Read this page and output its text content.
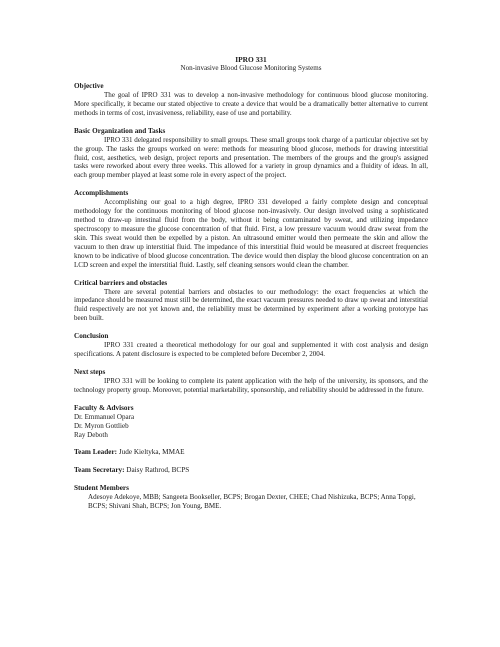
IPRO 331
Non-invasive Blood Glucose Monitoring Systems
Objective

The goal of IPRO 331 was to develop a non-invasive methodology for continuous blood glucose monitoring. More specifically, it became our stated objective to create a device that would be a dramatically better alternative to current methods in terms of cost, invasiveness, reliability, ease of use and portability.

Basic Organization and Tasks

IPRO 331 delegated responsibility to small groups. These small groups took charge of a particular objective set by the group. The tasks the groups worked on were: methods for measuring blood glucose, methods for drawing interstitial fluid, cost, aesthetics, web design, project reports and presentation. The members of the groups and the group's assigned tasks were reworked about every three weeks. This allowed for a variety in group dynamics and a fluidity of ideas. In all, each group member played at least some role in every aspect of the project.

Accomplishments

Accomplishing our goal to a high degree, IPRO 331 developed a fairly complete design and conceptual methodology for the continuous monitoring of blood glucose non-invasively. Our design involved using a sophisticated method to draw-up intestinal fluid from the body, without it being contaminated by sweat, and utilizing impedance spectroscopy to measure the glucose concentration of that fluid. First, a low pressure vacuum would draw sweat from the skin. This sweat would then be expelled by a piston. An ultrasound emitter would then permeate the skin and allow the vacuum to then draw up interstitial fluid. The impedance of this interstitial fluid would be measured at discreet frequencies known to be indicative of blood glucose concentration. The device would then display the blood glucose concentration on an LCD screen and expel the interstitial fluid. Lastly, self cleaning sensors would clean the chamber.

Critical barriers and obstacles

There are several potential barriers and obstacles to our methodology: the exact frequencies at which the impedance should be measured must still be determined, the exact vacuum pressures needed to draw up sweat and interstitial fluid respectively are not yet known and, the reliability must be determined by experiment after a working prototype has been built.

Conclusion

IPRO 331 created a theoretical methodology for our goal and supplemented it with cost analysis and design specifications. A patent disclosure is expected to be completed before December 2, 2004.

Next steps

IPRO 331 will be looking to complete its patent application with the help of the university, its sponsors, and the technology property group. Moreover, potential marketability, sponsorship, and reliability should be addressed in the future.

Faculty & Advisors
Dr. Emmanuel Opara
Dr. Myron Gottlieb
Ray Deboth
Team Leader: Jude Kieltyka, MMAE
Team Secretary: Daisy Rathrod, BCPS
Student Members

Adesoye Adekoye, MBB; Sangeeta Bookseller, BCPS; Brogan Dexter, CHEE; Chad Nishizuka, BCPS; Anna Topgi, BCPS; Shivani Shah, BCPS; Jon Young, BME.
